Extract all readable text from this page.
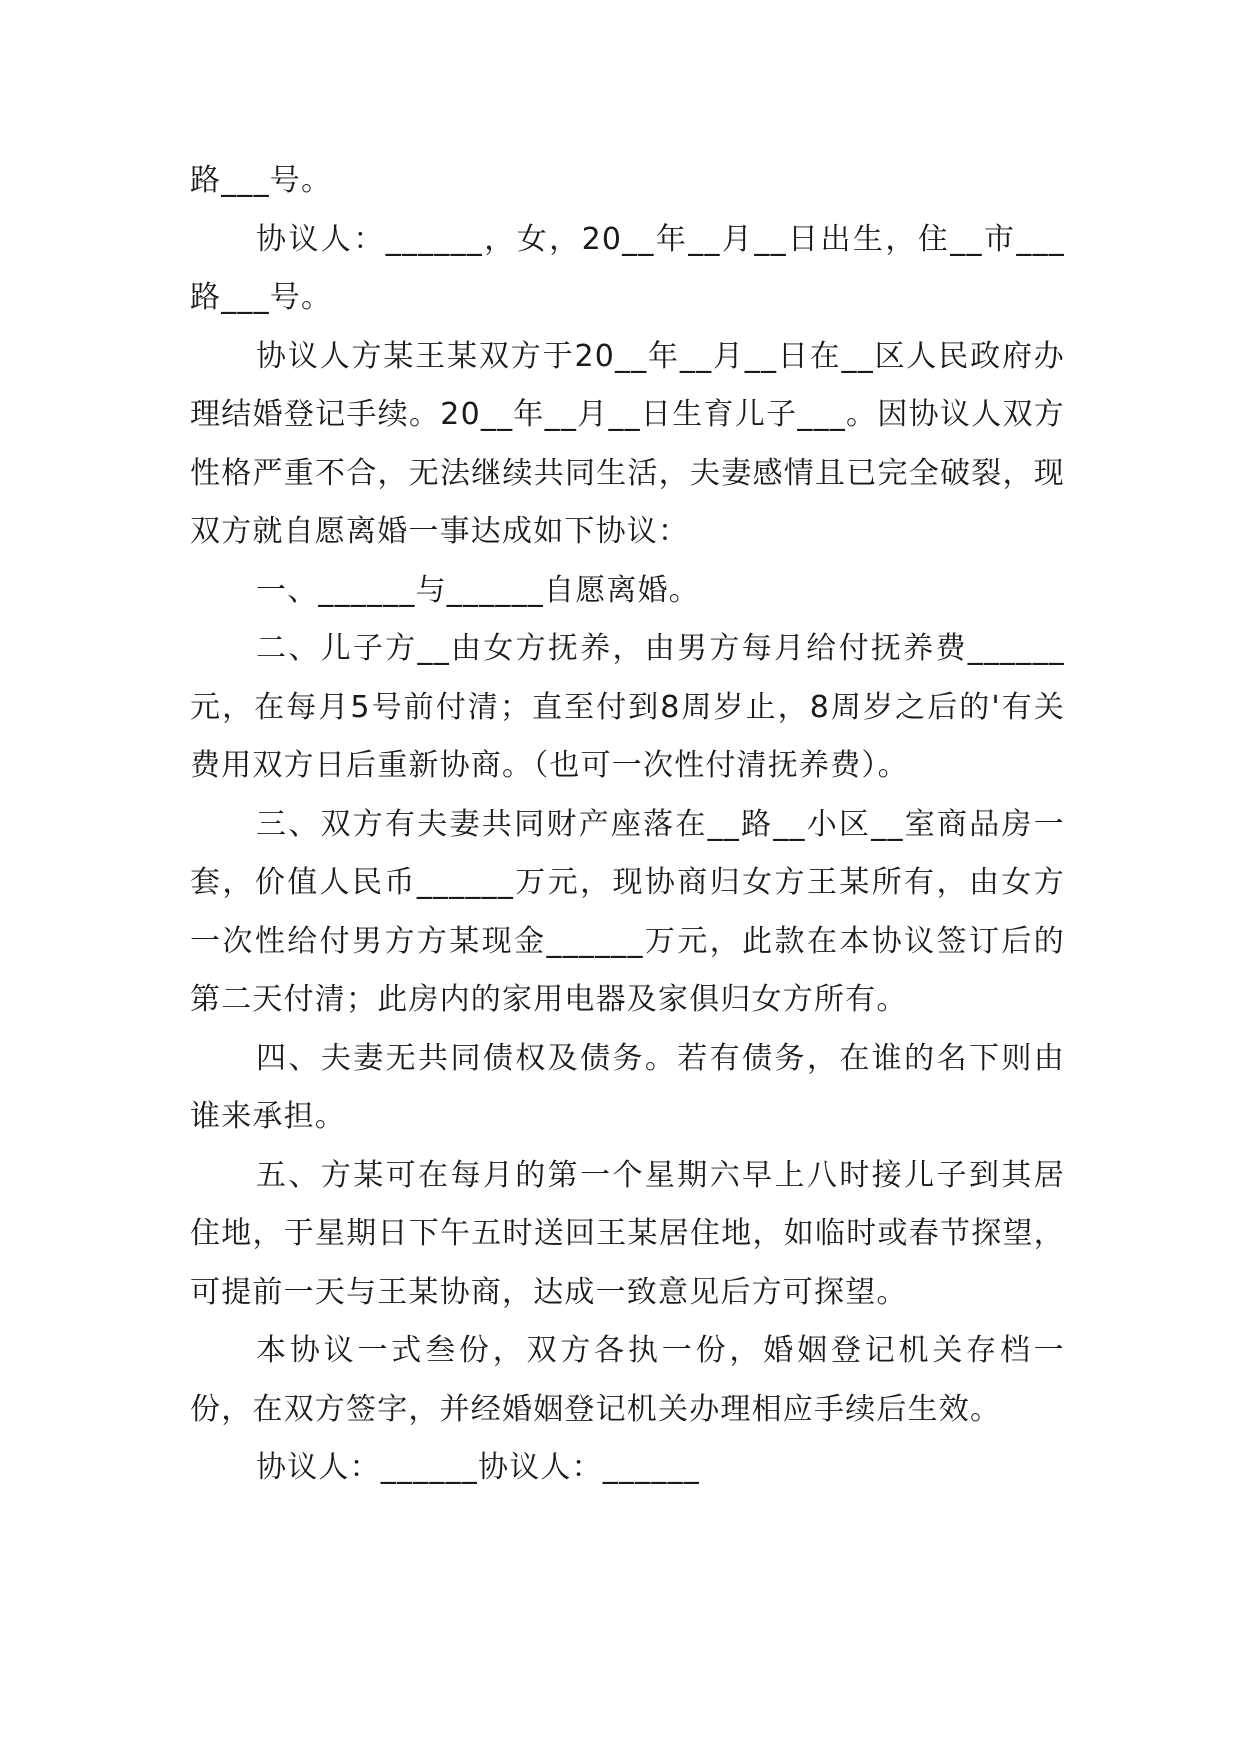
路___号。

协议人：______，女，20__年__月__日出生，住__市___路___号。

协议人方某王某双方于20__年__月__日在__区人民政府办理结婚登记手续。20__年__月__日生育儿子___。因协议人双方性格严重不合，无法继续共同生活，夫妻感情且已完全破裂，现双方就自愿离婚一事达成如下协议：

一、______与______自愿离婚。

二、儿子方__由女方抚养，由男方每月给付抚养费______元，在每月5号前付清；直至付到8周岁止，8周岁之后的'有关费用双方日后重新协商。（也可一次性付清抚养费）。

三、双方有夫妻共同财产座落在__路__小区__室商品房一套，价值人民币______万元，现协商归女方王某所有，由女方一次性给付男方方某现金______万元，此款在本协议签订后的第二天付清；此房内的家用电器及家俱归女方所有。

四、夫妻无共同债权及债务。若有债务，在谁的名下则由谁来承担。

五、方某可在每月的第一个星期六早上八时接儿子到其居住地，于星期日下午五时送回王某居住地，如临时或春节探望，可提前一天与王某协商，达成一致意见后方可探望。

本协议一式叁份，双方各执一份，婚姻登记机关存档一份，在双方签字，并经婚姻登记机关办理相应手续后生效。

协议人：______协议人：______
